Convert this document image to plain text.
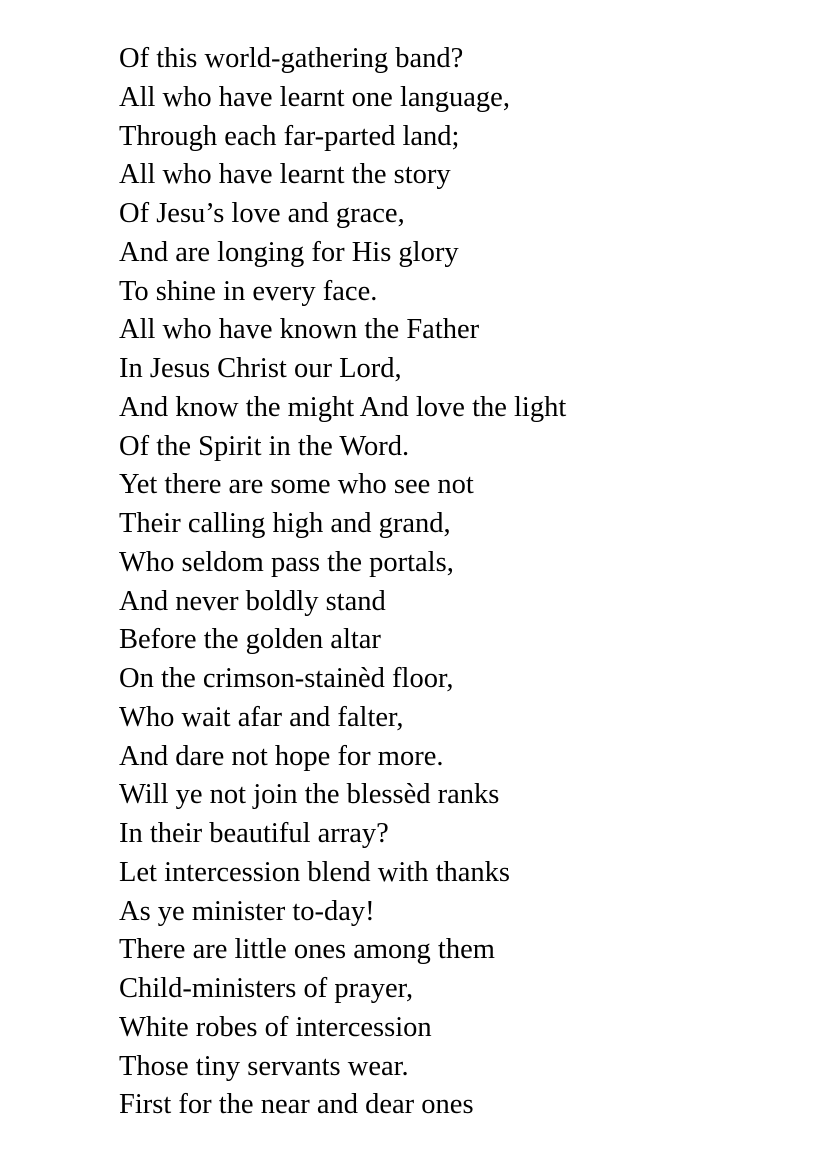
Of this world-gathering band?
All who have learnt one language,
Through each far-parted land;
All who have learnt the story
Of Jesu’s love and grace,
And are longing for His glory
To shine in every face.
All who have known the Father
In Jesus Christ our Lord,
And know the might And love the light
Of the Spirit in the Word.
Yet there are some who see not
Their calling high and grand,
Who seldom pass the portals,
And never boldly stand
Before the golden altar
On the crimson-stainèd floor,
Who wait afar and falter,
And dare not hope for more.
Will ye not join the blessèd ranks
In their beautiful array?
Let intercession blend with thanks
As ye minister to-day!
There are little ones among them
Child-ministers of prayer,
White robes of intercession
Those tiny servants wear.
First for the near and dear ones
